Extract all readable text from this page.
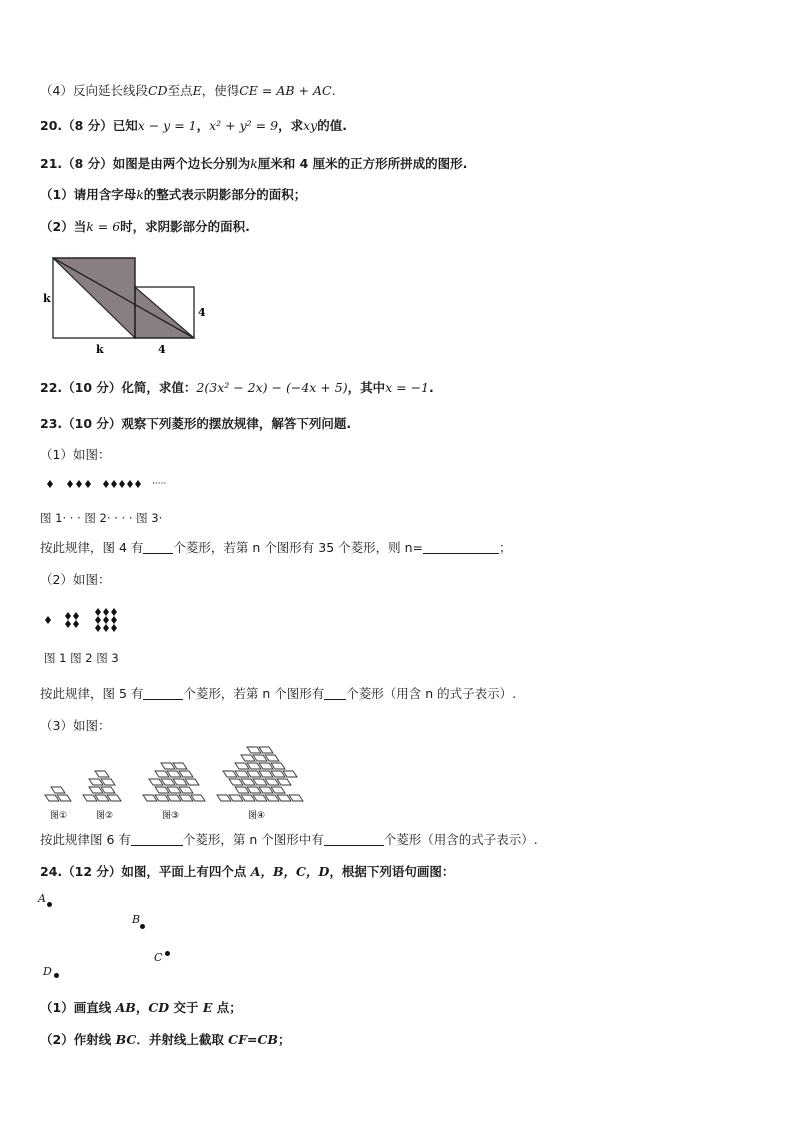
（4）反向延长线段CD至点E，使得CE = AB + AC.
20.（8 分）已知x − y = 1，x² + y² = 9，求xy的值.
21.（8 分）如图是由两个边长分别为k厘米和 4 厘米的正方形所拼成的图形.
（1）请用含字母k的整式表示阴影部分的面积；
（2）当k = 6时，求阴影部分的面积.
k
k
4
4
22.（10 分）化简，求值：2(3x² − 2x) − (−4x + 5)，其中x = −1.
23.（10 分）观察下列菱形的摆放规律，解答下列问题.
（1）如图：
·····
图 1· · · 图 2· · · · 图 3·
按此规律，图 4 有 个菱形，若第 n 个图形有 35 个菱形，则 n=	；
（2）如图：
图 1 图 2 图 3
按此规律，图 5 有	个菱形，若第 n 个图形有 个菱形（用含 n 的式子表示）.
（3）如图：
图①	图②	图③	图④
按此规律图 6 有	个菱形，第 n 个图形中有	个菱形（用含的式子表示）.
24.（12 分）如图，平面上有四个点 A，B，C，D，根据下列语句画图：
A
B
C
D
（1）画直线 AB，CD 交于 E 点；
（2）作射线 BC．并射线上截取 CF=CB；
